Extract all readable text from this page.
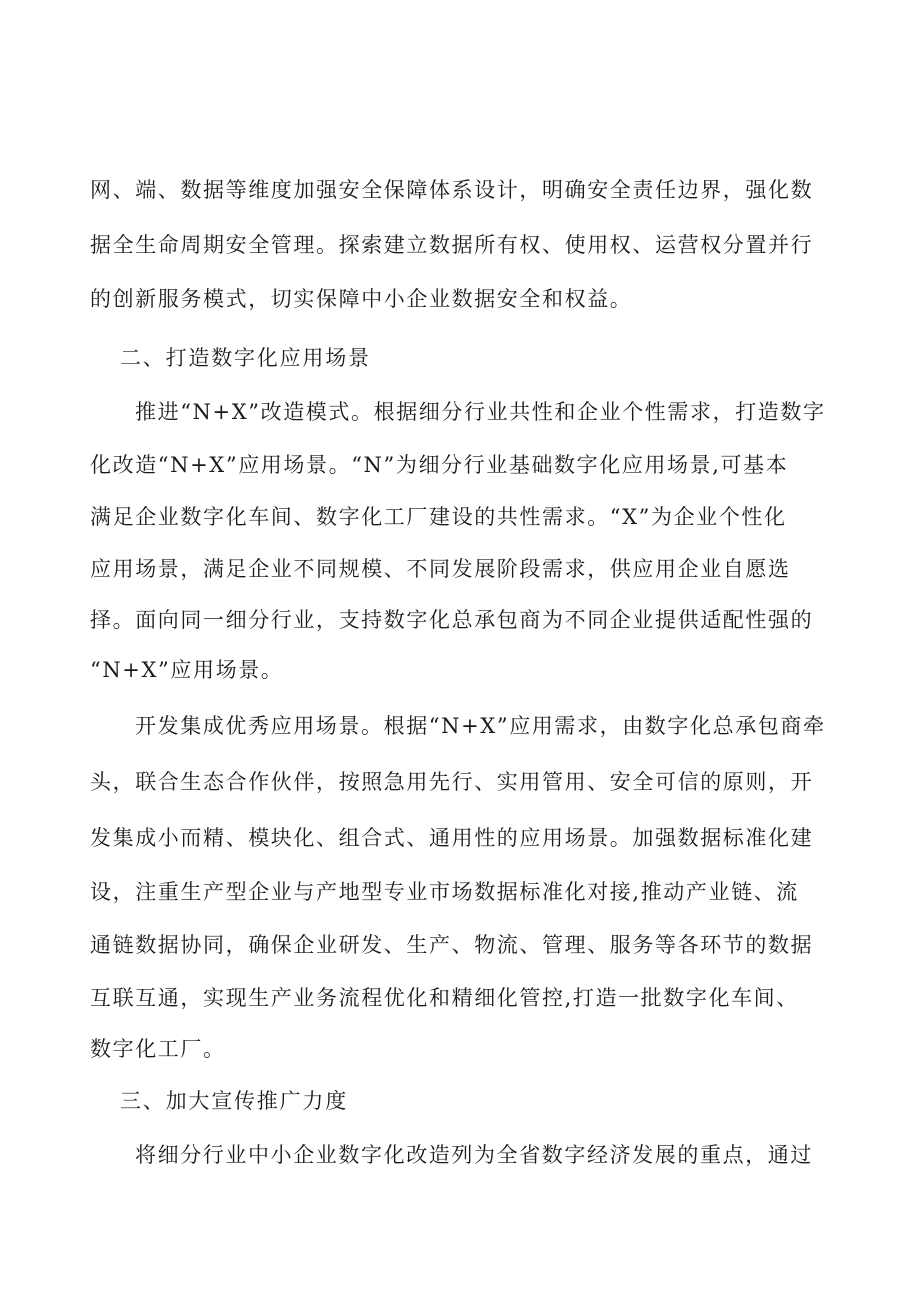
网、端、数据等维度加强安全保障体系设计，明确安全责任边界，强化数
据全生命周期安全管理。探索建立数据所有权、使用权、运营权分置并行
的创新服务模式，切实保障中小企业数据安全和权益。
二、打造数字化应用场景
推进“N+X”改造模式。根据细分行业共性和企业个性需求，打造数字
化改造“N+X”应用场景。“N”为细分行业基础数字化应用场景,可基本
满足企业数字化车间、数字化工厂建设的共性需求。“X”为企业个性化
应用场景，满足企业不同规模、不同发展阶段需求，供应用企业自愿选
择。面向同一细分行业，支持数字化总承包商为不同企业提供适配性强的
“N+X”应用场景。
开发集成优秀应用场景。根据“N+X”应用需求，由数字化总承包商牵
头，联合生态合作伙伴，按照急用先行、实用管用、安全可信的原则，开
发集成小而精、模块化、组合式、通用性的应用场景。加强数据标准化建
设，注重生产型企业与产地型专业市场数据标准化对接,推动产业链、流
通链数据协同，确保企业研发、生产、物流、管理、服务等各环节的数据
互联互通，实现生产业务流程优化和精细化管控,打造一批数字化车间、
数字化工厂。
三、加大宣传推广力度
将细分行业中小企业数字化改造列为全省数字经济发展的重点，通过
